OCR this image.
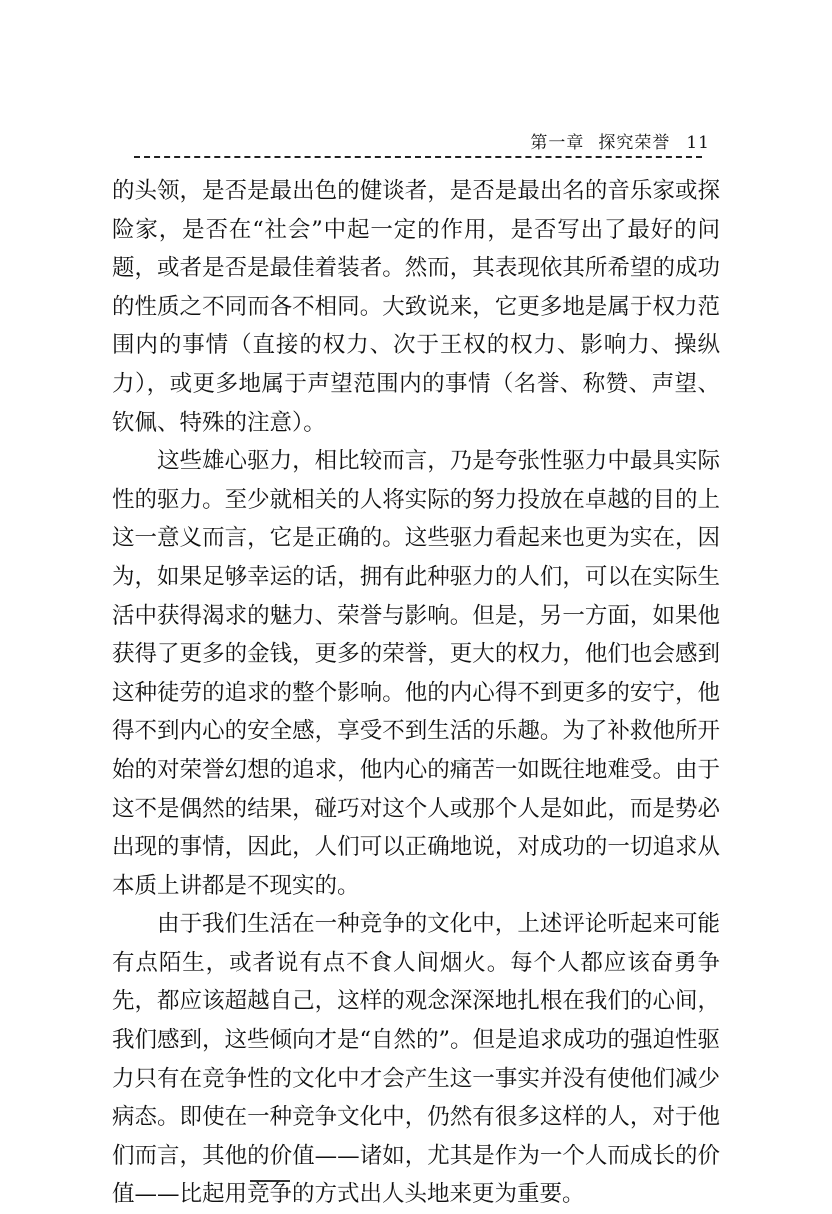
第一章 探究荣誉 11

的头领，是否是最出色的健谈者，是否是最出名的音乐家或探险家，是否在“社会”中起一定的作用，是否写出了最好的问题，或者是否是最佳着装者。然而，其表现依其所希望的成功的性质之不同而各不相同。大致说来，它更多地是属于权力范围内的事情（直接的权力、次于王权的权力、影响力、操纵力），或更多地属于声望范围内的事情（名誉、称赞、声望、钦佩、特殊的注意）。

这些雄心驱力，相比较而言，乃是夸张性驱力中最具实际性的驱力。至少就相关的人将实际的努力投放在卓越的目的上这一意义而言，它是正确的。这些驱力看起来也更为实在，因为，如果足够幸运的话，拥有此种驱力的人们，可以在实际生活中获得渴求的魅力、荣誉与影响。但是，另一方面，如果他获得了更多的金钱，更多的荣誉，更大的权力，他们也会感到这种徒劳的追求的整个影响。他的内心得不到更多的安宁，他得不到内心的安全感，享受不到生活的乐趣。为了补救他所开始的对荣誉幻想的追求，他内心的痛苦一如既往地难受。由于这不是偶然的结果，碰巧对这个人或那个人是如此，而是势必出现的事情，因此，人们可以正确地说，对成功的一切追求从本质上讲都是不现实的。

由于我们生活在一种竞争的文化中，上述评论听起来可能有点陌生，或者说有点不食人间烟火。每个人都应该奋勇争先，都应该超越自己，这样的观念深深地扎根在我们的心间，我们感到，这些倾向才是“自然的”。但是追求成功的强迫性驱力只有在竞争性的文化中才会产生这一事实并没有使他们减少病态。即使在一种竞争文化中，仍然有很多这样的人，对于他们而言，其他的价值——诸如，尤其是作为一个人而成长的价值——比起用竞争的方式出人头地来更为重要。
